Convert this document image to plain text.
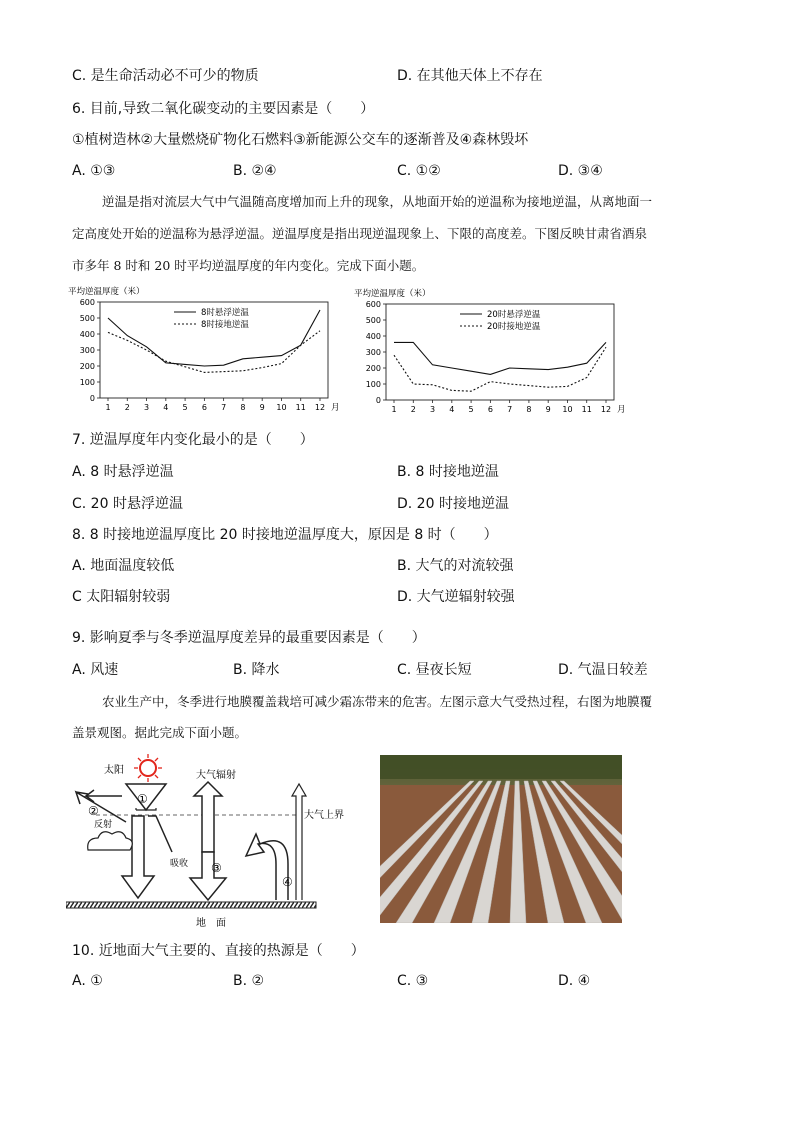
C. 是生命活动必不可少的物质	D. 在其他天体上不存在
6. 目前,导致二氧化碳变动的主要因素是（　　）
①植树造林②大量燃烧矿物化石燃料③新能源公交车的逐渐普及④森林毁坏
A. ①③	B. ②④	C. ①②	D. ③④
逆温是指对流层大气中气温随高度增加而上升的现象，从地面开始的逆温称为接地逆温，从离地面一
定高度处开始的逆温称为悬浮逆温。逆温厚度是指出现逆温现象上、下限的高度差。下图反映甘肃省酒泉
市多年 8 时和 20 时平均逆温厚度的年内变化。完成下面小题。
平均逆温厚度（米）
0
100
200
300
400
500
600
1 2 3 4 5 6 7 8 9 10 11 12 月
8时悬浮逆温
8时接地逆温
平均逆温厚度（米）
0
100
200
300
400
500
600
1 2 3 4 5 6 7 8 9 10 11 12 月
20时悬浮逆温
20时接地逆温
7. 逆温厚度年内变化最小的是（　　）
A. 8 时悬浮逆温	B. 8 时接地逆温
C. 20 时悬浮逆温	D. 20 时接地逆温
8. 8 时接地逆温厚度比 20 时接地逆温厚度大，原因是 8 时（　　）
A. 地面温度较低	B. 大气的对流较强
C 太阳辐射较弱	D. 大气逆辐射较强
9. 影响夏季与冬季逆温厚度差异的最重要因素是（　　）
A. 风速	B. 降水	C. 昼夜长短	D. 气温日较差
农业生产中，冬季进行地膜覆盖栽培可减少霜冻带来的危害。左图示意大气受热过程，右图为地膜覆
盖景观图。据此完成下面小题。
太阳
大气上界
①
吸收
②
反射
大气辐射
③
④
地　面
10. 近地面大气主要的、直接的热源是（　　）
A. ①	B. ②	C. ③	D. ④
